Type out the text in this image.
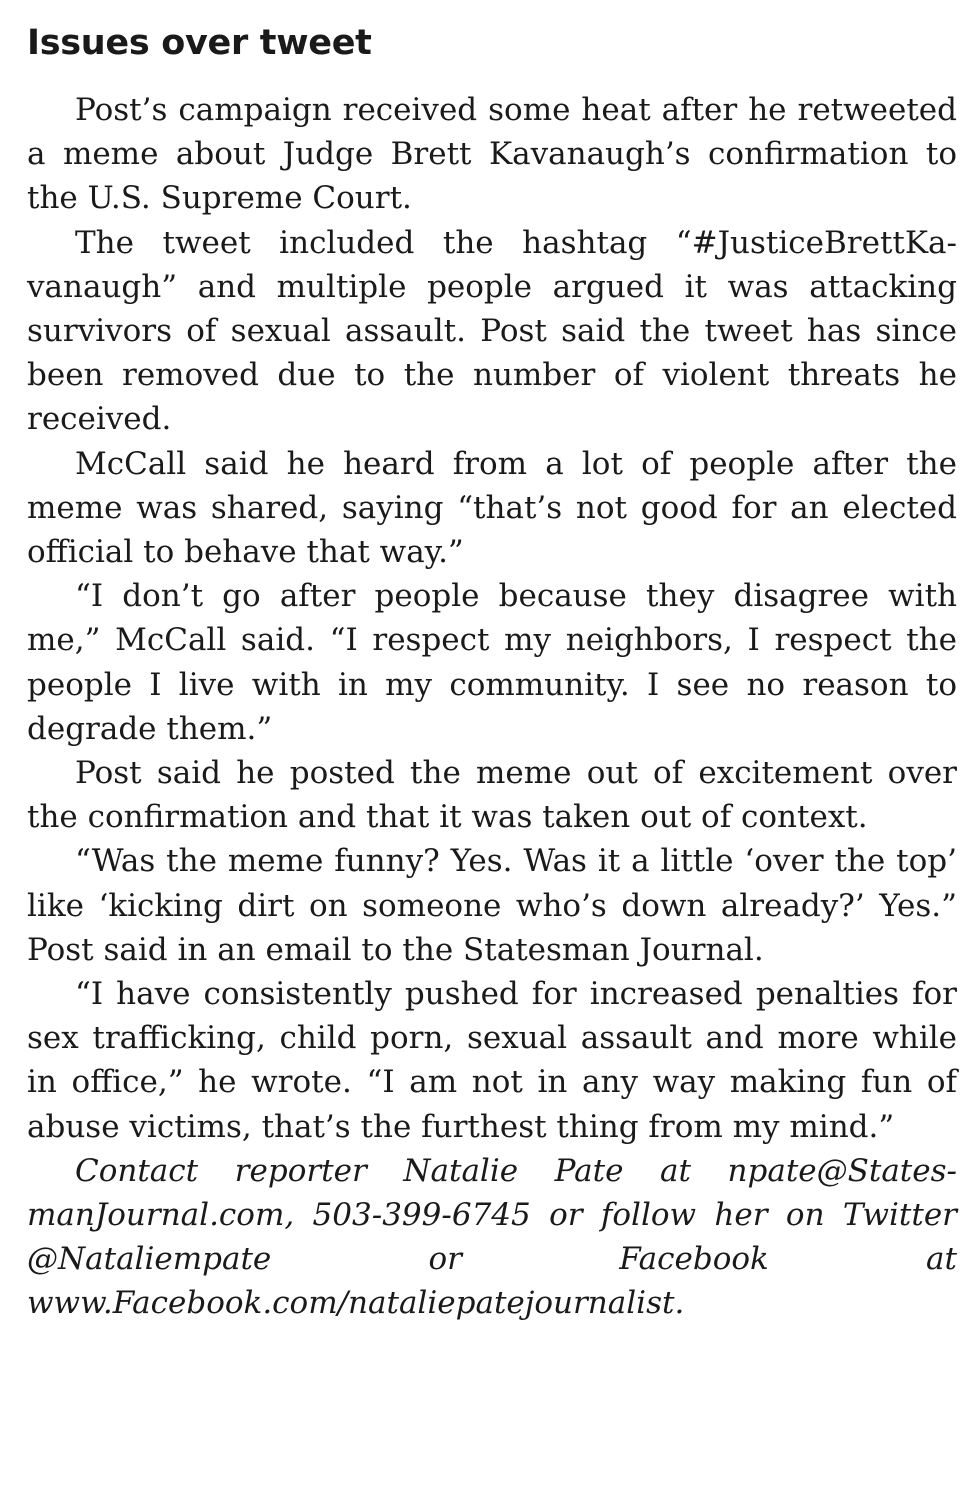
Issues over tweet

Post’s campaign received some heat after he retweeted a meme about Judge Brett Kavanaugh’s confirmation to the U.S. Supreme Court.

The tweet included the hashtag “#JusticeBrettKavanaugh” and multiple people argued it was attacking survivors of sexual assault. Post said the tweet has since been removed due to the number of violent threats he received.

McCall said he heard from a lot of people after the meme was shared, saying “that’s not good for an elected official to behave that way.”

“I don’t go after people because they disagree with me,” McCall said. “I respect my neighbors, I respect the people I live with in my community. I see no reason to degrade them.”

Post said he posted the meme out of excitement over the confirmation and that it was taken out of context.

“Was the meme funny? Yes. Was it a little ‘over the top’ like ‘kicking dirt on someone who’s down already?’ Yes.” Post said in an email to the Statesman Journal.

“I have consistently pushed for increased penalties for sex trafficking, child porn, sexual assault and more while in office,” he wrote. “I am not in any way making fun of abuse victims, that’s the furthest thing from my mind.”

Contact reporter Natalie Pate at npate@StatesmanJournal.com, 503-399-6745 or follow her on Twitter @Nataliempate or Facebook at www.Facebook.com/nataliepatejournalist.
